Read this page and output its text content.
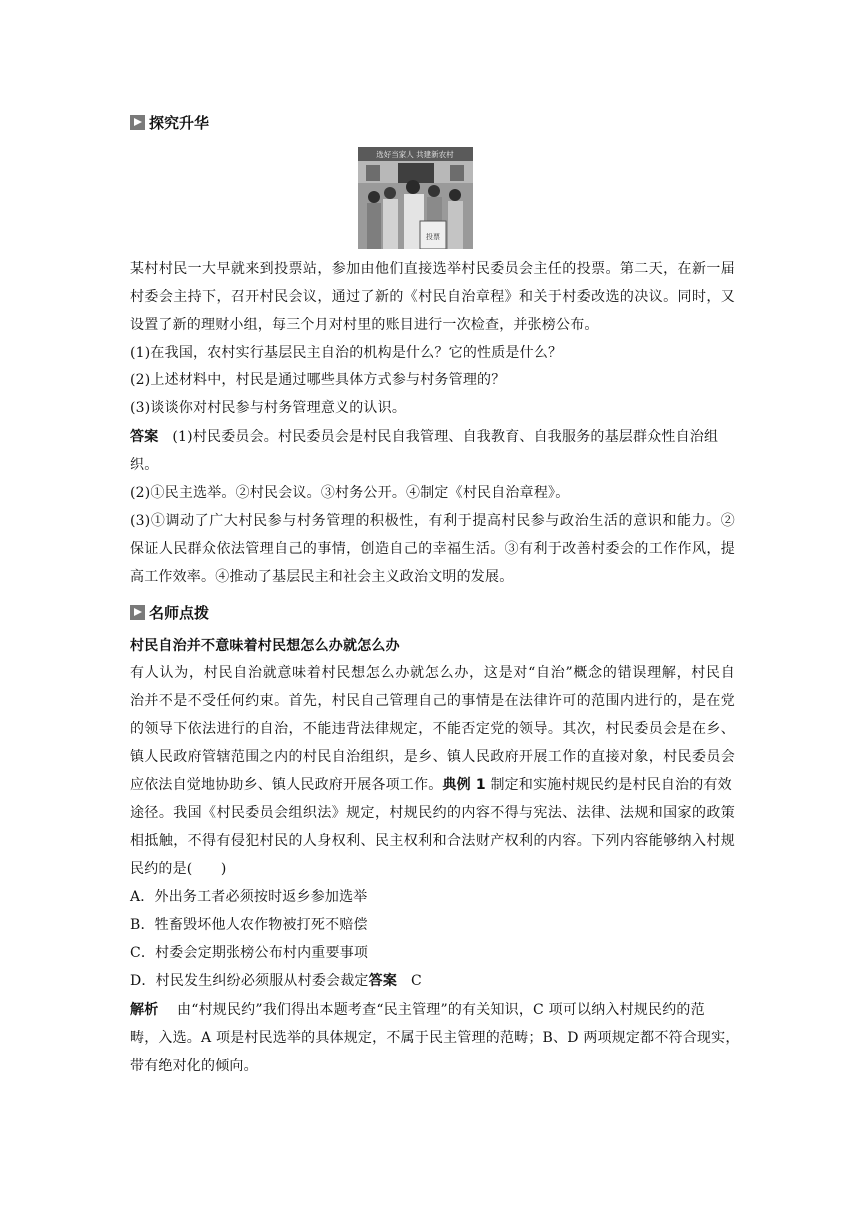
探究升华
选好当家人 共建新农村
投票
某村村民一大早就来到投票站，参加由他们直接选举村民委员会主任的投票。第二天，在新一届
村委会主持下，召开村民会议，通过了新的《村民自治章程》和关于村委改选的决议。同时，又
设置了新的理财小组，每三个月对村里的账目进行一次检查，并张榜公布。
(1)在我国，农村实行基层民主自治的机构是什么？它的性质是什么？
(2)上述材料中，村民是通过哪些具体方式参与村务管理的？
(3)谈谈你对村民参与村务管理意义的认识。
答案 (1)村民委员会。村民委员会是村民自我管理、自我教育、自我服务的基层群众性自治组
织。
(2)①民主选举。②村民会议。③村务公开。④制定《村民自治章程》。
(3)①调动了广大村民参与村务管理的积极性，有利于提高村民参与政治生活的意识和能力。②
保证人民群众依法管理自己的事情，创造自己的幸福生活。③有利于改善村委会的工作作风，提
高工作效率。④推动了基层民主和社会主义政治文明的发展。
名师点拨
村民自治并不意味着村民想怎么办就怎么办
有人认为，村民自治就意味着村民想怎么办就怎么办，这是对“自治”概念的错误理解，村民自
治并不是不受任何约束。首先，村民自己管理自己的事情是在法律许可的范围内进行的，是在党
的领导下依法进行的自治，不能违背法律规定，不能否定党的领导。其次，村民委员会是在乡、
镇人民政府管辖范围之内的村民自治组织，是乡、镇人民政府开展工作的直接对象，村民委员会
应依法自觉地协助乡、镇人民政府开展各项工作。典例 1 制定和实施村规民约是村民自治的有效
途径。我国《村民委员会组织法》规定，村规民约的内容不得与宪法、法律、法规和国家的政策
相抵触，不得有侵犯村民的人身权利、民主权利和合法财产权利的内容。下列内容能够纳入村规
民约的是(　　)
A．外出务工者必须按时返乡参加选举
B．牲畜毁坏他人农作物被打死不赔偿
C．村委会定期张榜公布村内重要事项
D．村民发生纠纷必须服从村委会裁定答案 C
解析 由“村规民约”我们得出本题考查“民主管理”的有关知识，C 项可以纳入村规民约的范
畴，入选。A 项是村民选举的具体规定，不属于民主管理的范畴；B、D 两项规定都不符合现实，
带有绝对化的倾向。
